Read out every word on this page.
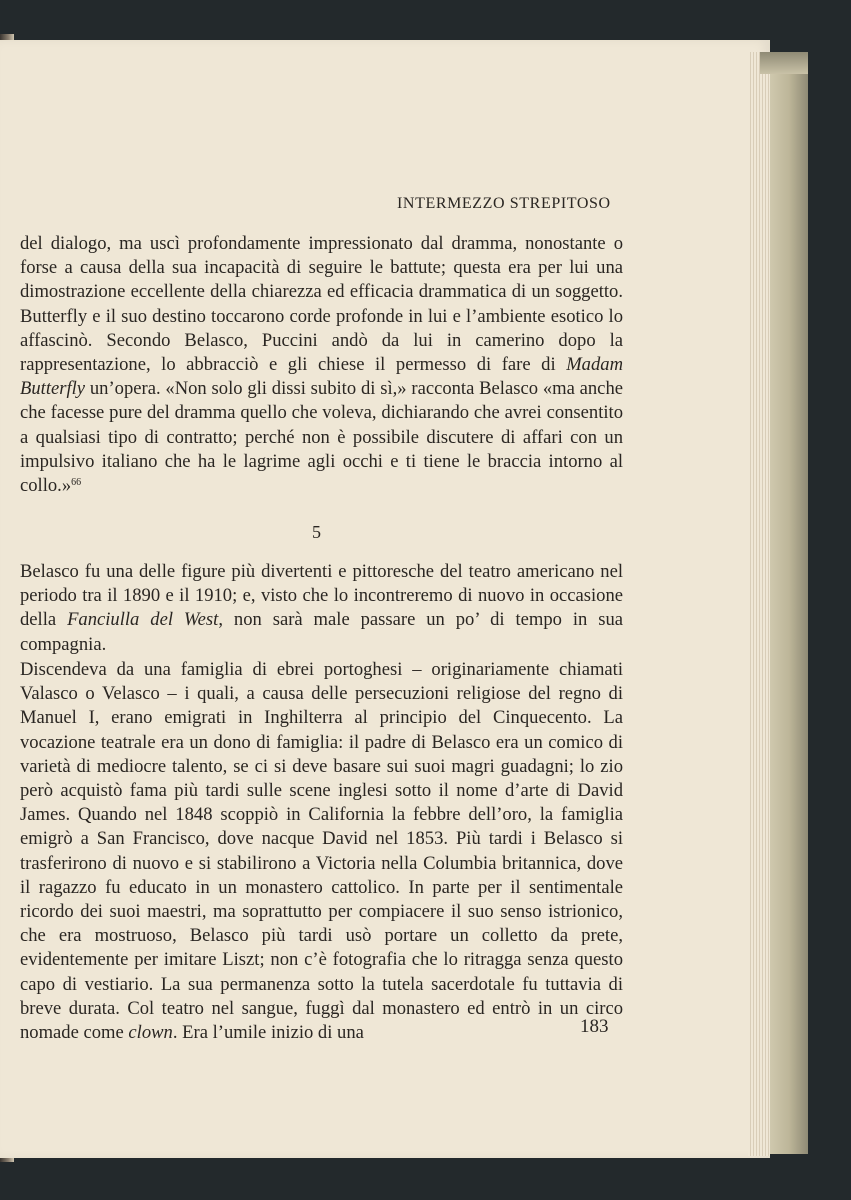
INTERMEZZO STREPITOSO

del dialogo, ma uscì profondamente impressionato dal dramma, nonostante o forse a causa della sua incapacità di seguire le battute; questa era per lui una dimostrazione eccellente della chiarezza ed efficacia drammatica di un soggetto. Butterfly e il suo destino toccarono corde profonde in lui e l’ambiente esotico lo affascinò. Secondo Belasco, Puccini andò da lui in camerino dopo la rappresentazione, lo abbracciò e gli chiese il permesso di fare di Madam Butterfly un’opera. «Non solo gli dissi subito di sì,» racconta Belasco «ma anche che facesse pure del dramma quello che voleva, dichiarando che avrei consentito a qualsiasi tipo di contratto; perché non è possibile discutere di affari con un impulsivo italiano che ha le lagrime agli occhi e ti tiene le braccia intorno al collo.»$^{66}$

5

Belasco fu una delle figure più divertenti e pittoresche del teatro americano nel periodo tra il 1890 e il 1910; e, visto che lo incontreremo di nuovo in occasione della Fanciulla del West, non sarà male passare un po’ di tempo in sua compagnia.

Discendeva da una famiglia di ebrei portoghesi – originariamente chiamati Valasco o Velasco – i quali, a causa delle persecuzioni religiose del regno di Manuel I, erano emigrati in Inghilterra al principio del Cinquecento. La vocazione teatrale era un dono di famiglia: il padre di Belasco era un comico di varietà di mediocre talento, se ci si deve basare sui suoi magri guadagni; lo zio però acquistò fama più tardi sulle scene inglesi sotto il nome d’arte di David James. Quando nel 1848 scoppiò in California la febbre dell’oro, la famiglia emigrò a San Francisco, dove nacque David nel 1853. Più tardi i Belasco si trasferirono di nuovo e si stabilirono a Victoria nella Columbia britannica, dove il ragazzo fu educato in un monastero cattolico. In parte per il sentimentale ricordo dei suoi maestri, ma soprattutto per compiacere il suo senso istrionico, che era mostruoso, Belasco più tardi usò portare un colletto da prete, evidentemente per imitare Liszt; non c’è fotografia che lo ritragga senza questo capo di vestiario. La sua permanenza sotto la tutela sacerdotale fu tuttavia di breve durata. Col teatro nel sangue, fuggì dal monastero ed entrò in un circo nomade come clown. Era l’umile inizio di una	183
